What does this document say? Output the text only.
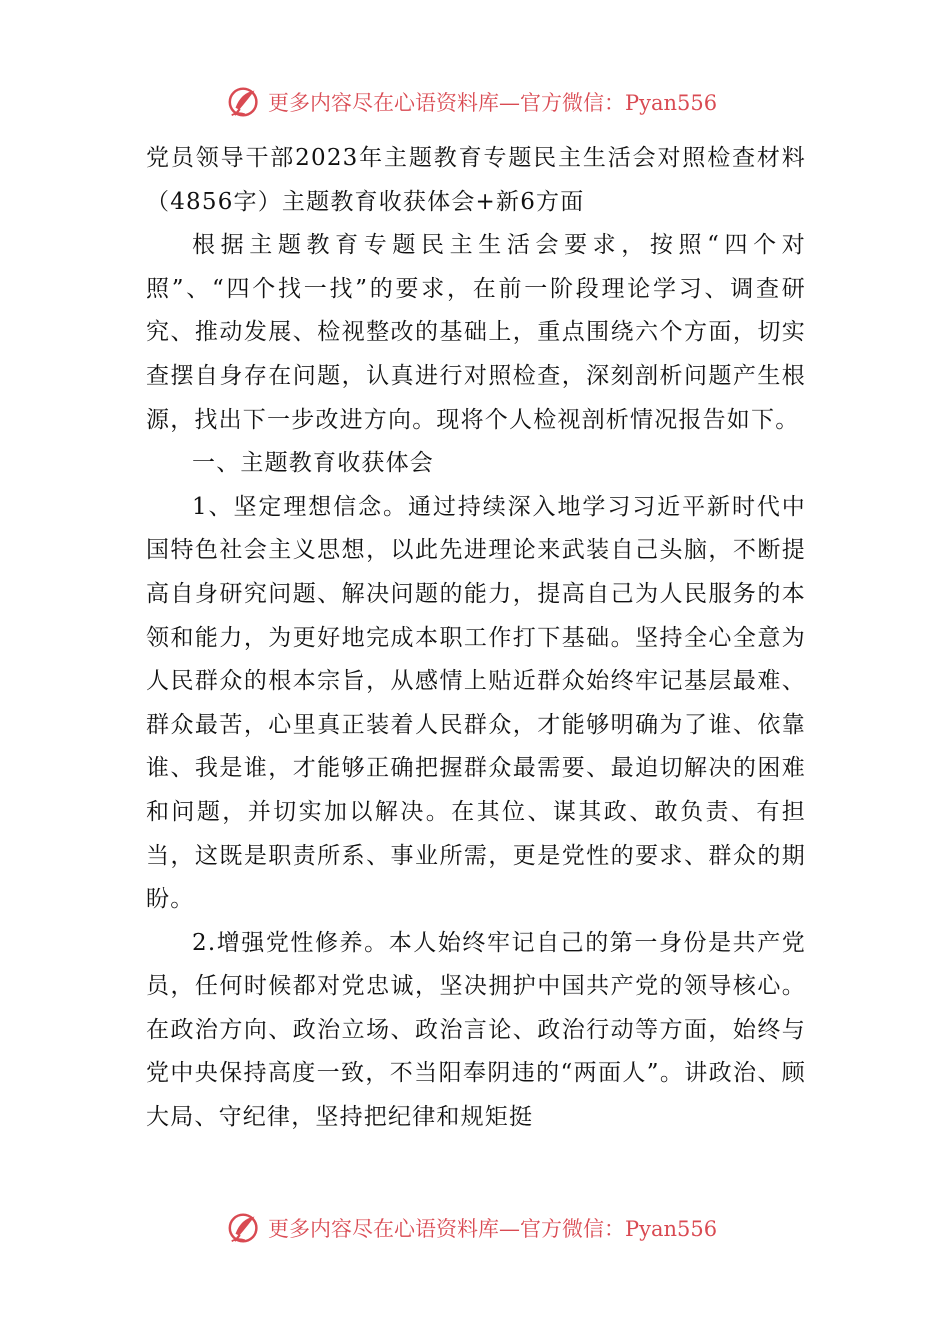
更多内容尽在心语资料库—官方微信：Pyan556

党员领导干部2023年主题教育专题民主生活会对照检查材料（4856字）主题教育收获体会+新6方面

根据主题教育专题民主生活会要求，按照“四个对照”、“四个找一找”的要求，在前一阶段理论学习、调查研究、推动发展、检视整改的基础上，重点围绕六个方面，切实查摆自身存在问题，认真进行对照检查，深刻剖析问题产生根源，找出下一步改进方向。现将个人检视剖析情况报告如下。

一、主题教育收获体会

1、坚定理想信念。通过持续深入地学习习近平新时代中国特色社会主义思想，以此先进理论来武装自己头脑，不断提高自身研究问题、解决问题的能力，提高自己为人民服务的本领和能力，为更好地完成本职工作打下基础。坚持全心全意为人民群众的根本宗旨，从感情上贴近群众始终牢记基层最难、群众最苦，心里真正装着人民群众，才能够明确为了谁、依靠谁、我是谁，才能够正确把握群众最需要、最迫切解决的困难和问题，并切实加以解决。在其位、谋其政、敢负责、有担当，这既是职责所系、事业所需，更是党性的要求、群众的期盼。

2.增强党性修养。本人始终牢记自己的第一身份是共产党员，任何时候都对党忠诚，坚决拥护中国共产党的领导核心。在政治方向、政治立场、政治言论、政治行动等方面，始终与党中央保持高度一致，不当阳奉阴违的“两面人”。讲政治、顾大局、守纪律，坚持把纪律和规矩挺

更多内容尽在心语资料库—官方微信：Pyan556
